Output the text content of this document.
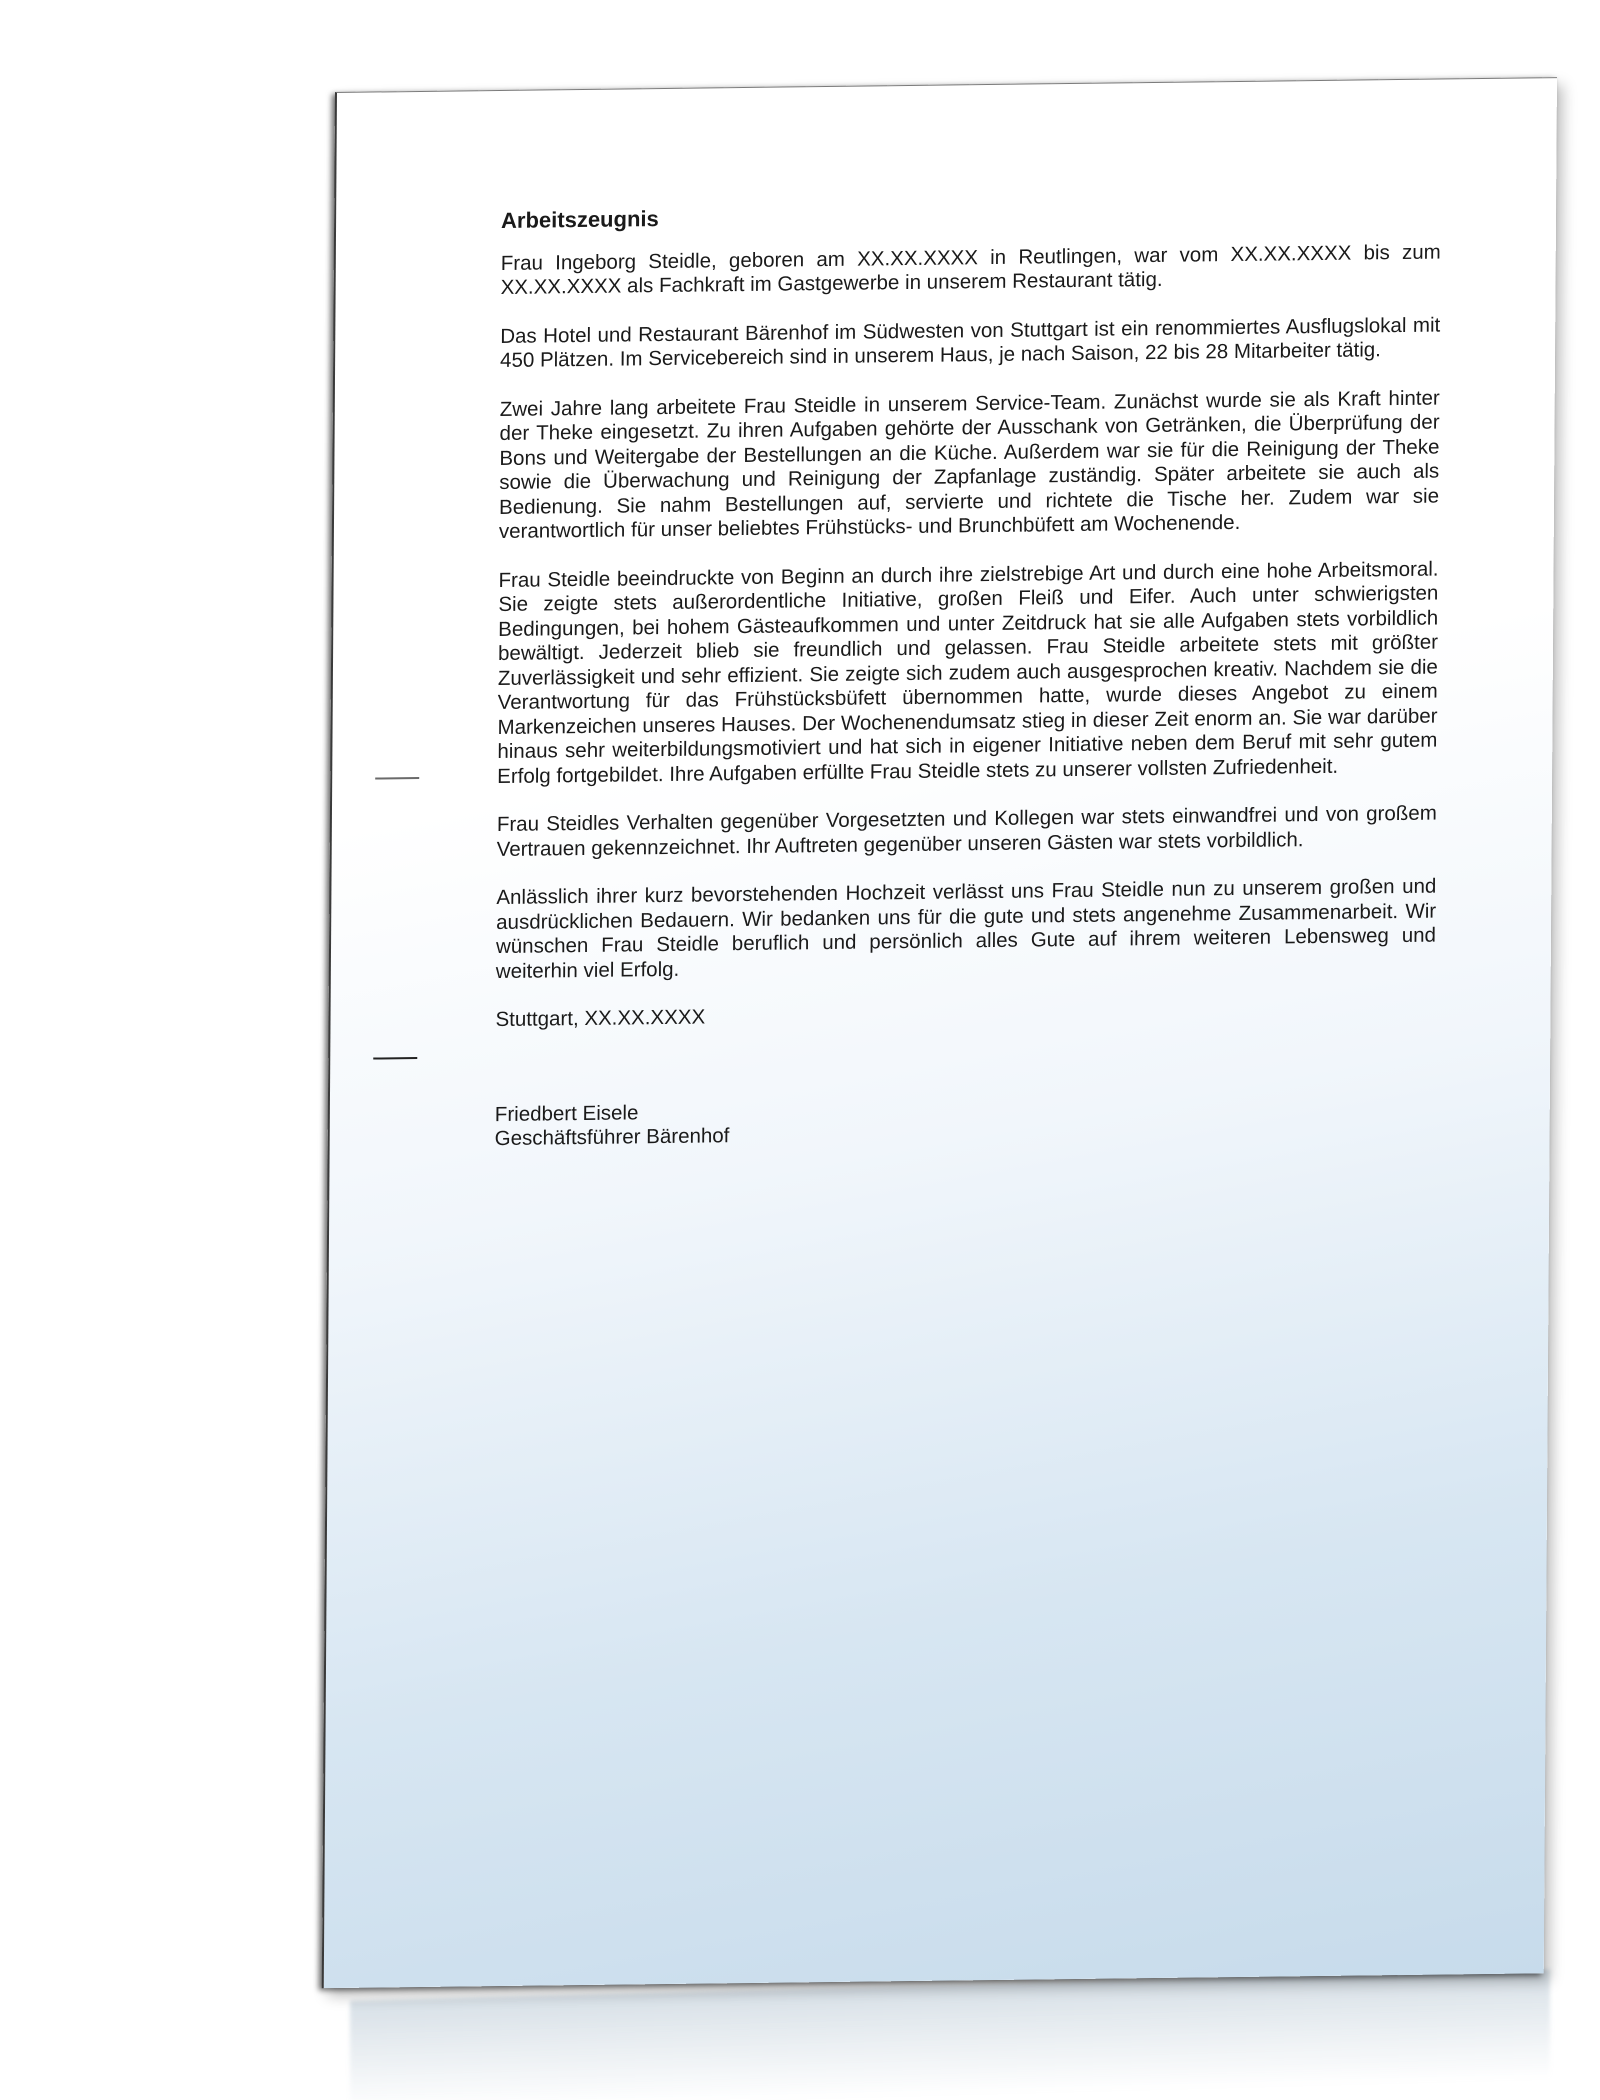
Arbeitszeugnis

Frau Ingeborg Steidle, geboren am XX.XX.XXXX in Reutlingen, war vom XX.XX.XXXX bis zum XX.XX.XXXX als Fachkraft im Gastgewerbe in unserem Restaurant tätig.

Das Hotel und Restaurant Bärenhof im Südwesten von Stuttgart ist ein renommiertes Ausflugslokal mit 450 Plätzen. Im Servicebereich sind in unserem Haus, je nach Saison, 22 bis 28 Mitarbeiter tätig.

Zwei Jahre lang arbeitete Frau Steidle in unserem Service-Team. Zunächst wurde sie als Kraft hinter der Theke eingesetzt. Zu ihren Aufgaben gehörte der Ausschank von Getränken, die Überprüfung der Bons und Weitergabe der Bestellungen an die Küche. Außerdem war sie für die Reinigung der Theke sowie die Überwachung und Reinigung der Zapfanlage zuständig. Später arbeitete sie auch als Bedienung. Sie nahm Bestellungen auf, servierte und richtete die Tische her. Zudem war sie verantwortlich für unser beliebtes Frühstücks- und Brunchbüfett am Wochenende.

Frau Steidle beeindruckte von Beginn an durch ihre zielstrebige Art und durch eine hohe Arbeitsmoral. Sie zeigte stets außerordentliche Initiative, großen Fleiß und Eifer. Auch unter schwierigsten Bedingungen, bei hohem Gästeaufkommen und unter Zeitdruck hat sie alle Aufgaben stets vorbildlich bewältigt. Jederzeit blieb sie freundlich und gelassen. Frau Steidle arbeitete stets mit größter Zuverlässigkeit und sehr effizient. Sie zeigte sich zudem auch ausgesprochen kreativ. Nachdem sie die Verantwortung für das Frühstücksbüfett übernommen hatte, wurde dieses Angebot zu einem Markenzeichen unseres Hauses. Der Wochenendumsatz stieg in dieser Zeit enorm an. Sie war darüber hinaus sehr weiterbildungsmotiviert und hat sich in eigener Initiative neben dem Beruf mit sehr gutem Erfolg fortgebildet. Ihre Aufgaben erfüllte Frau Steidle stets zu unserer vollsten Zufriedenheit.

Frau Steidles Verhalten gegenüber Vorgesetzten und Kollegen war stets einwandfrei und von großem Vertrauen gekennzeichnet. Ihr Auftreten gegenüber unseren Gästen war stets vorbildlich.

Anlässlich ihrer kurz bevorstehenden Hochzeit verlässt uns Frau Steidle nun zu unserem großen und ausdrücklichen Bedauern. Wir bedanken uns für die gute und stets angenehme Zusammenarbeit. Wir wünschen Frau Steidle beruflich und persönlich alles Gute auf ihrem weiteren Lebensweg und weiterhin viel Erfolg.

Stuttgart, XX.XX.XXXX

Friedbert Eisele

Geschäftsführer Bärenhof
